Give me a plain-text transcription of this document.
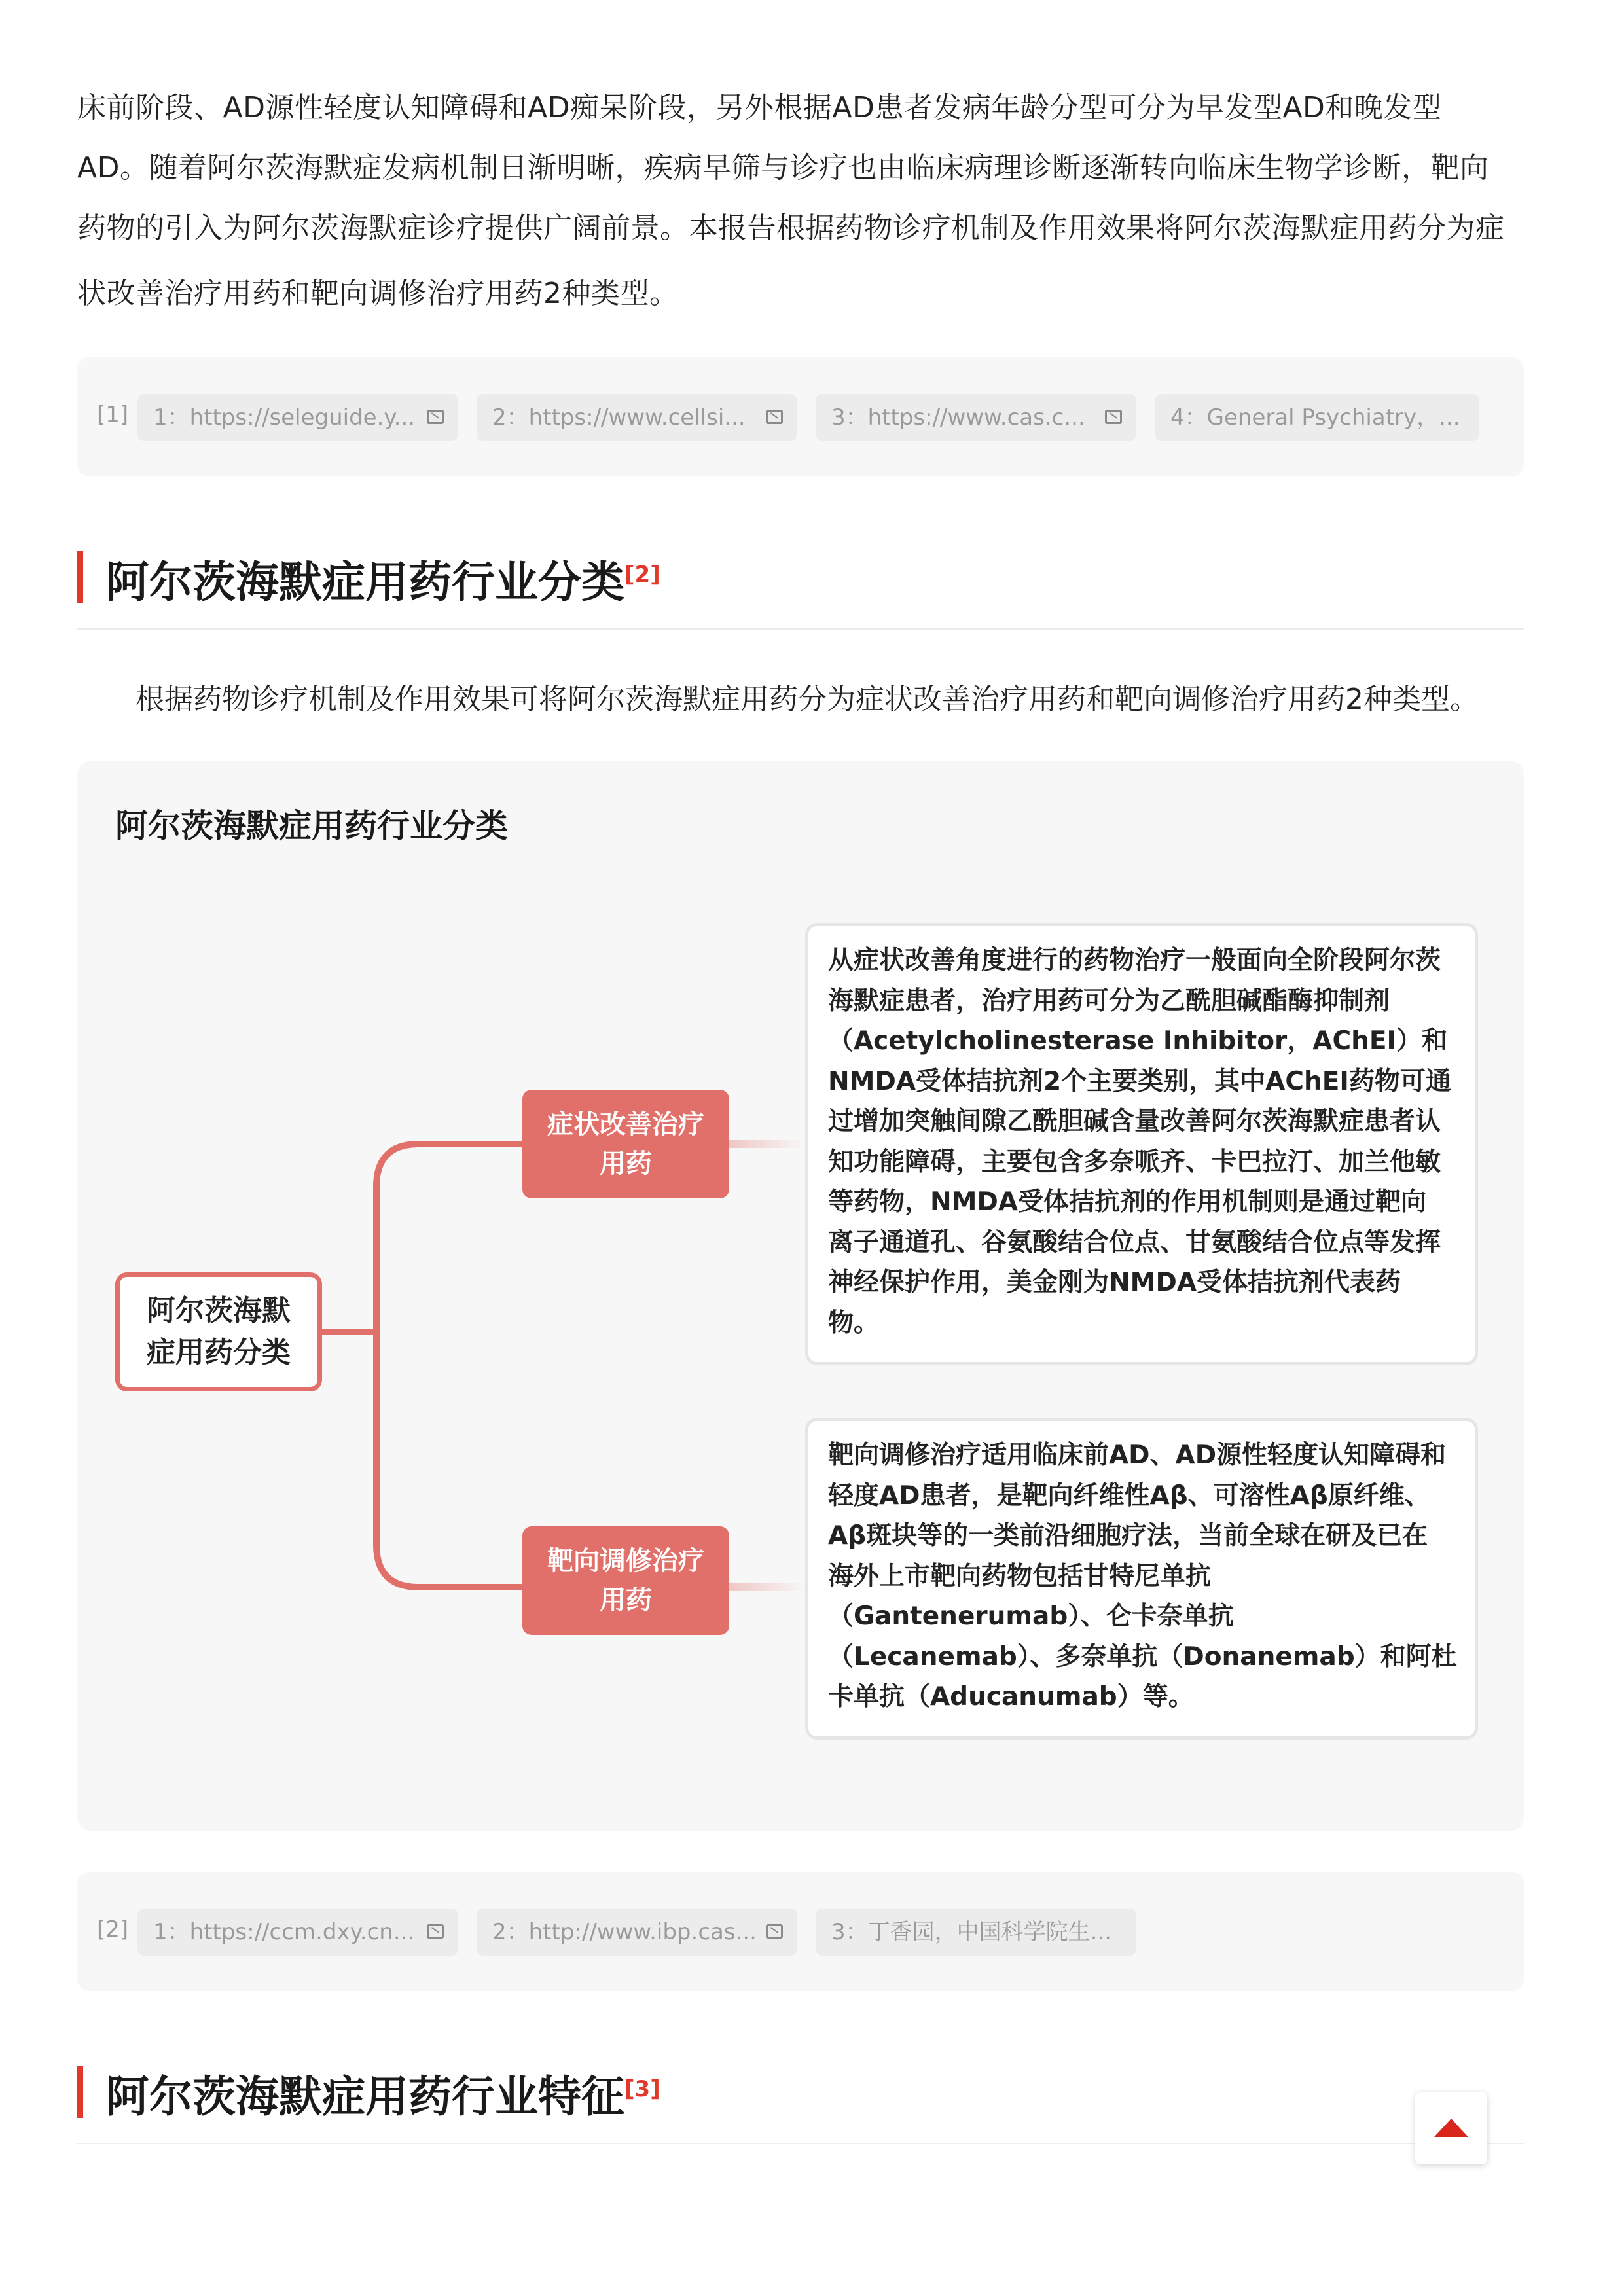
床前阶段、AD源性轻度认知障碍和AD痴呆阶段，另外根据AD患者发病年龄分型可分为早发型AD和晚发型
AD。随着阿尔茨海默症发病机制日渐明晰，疾病早筛与诊疗也由临床病理诊断逐渐转向临床生物学诊断，靶向
药物的引入为阿尔茨海默症诊疗提供广阔前景。本报告根据药物诊疗机制及作用效果将阿尔茨海默症用药分为症
状改善治疗用药和靶向调修治疗用药2种类型。
[1]	1：https://seleguide.y...	2：https://www.cellsi...	3：https://www.cas.c...	4：General Psychiatry，...
阿尔茨海默症用药行业分类[2]
根据药物诊疗机制及作用效果可将阿尔茨海默症用药分为症状改善治疗用药和靶向调修治疗用药2种类型。
阿尔茨海默症用药行业分类
阿尔茨海默
症用药分类
症状改善治疗
用药
靶向调修治疗
用药
从症状改善角度进行的药物治疗一般面向全阶段阿尔茨
海默症患者，治疗用药可分为乙酰胆碱酯酶抑制剂
（Acetylcholinesterase Inhibitor，AChEI）和
NMDA受体拮抗剂2个主要类别，其中AChEI药物可通
过增加突触间隙乙酰胆碱含量改善阿尔茨海默症患者认
知功能障碍，主要包含多奈哌齐、卡巴拉汀、加兰他敏
等药物，NMDA受体拮抗剂的作用机制则是通过靶向
离子通道孔、谷氨酸结合位点、甘氨酸结合位点等发挥
神经保护作用，美金刚为NMDA受体拮抗剂代表药
物。
靶向调修治疗适用临床前AD、AD源性轻度认知障碍和
轻度AD患者，是靶向纤维性Aβ、可溶性Aβ原纤维、
Aβ斑块等的一类前沿细胞疗法，当前全球在研及已在
海外上市靶向药物包括甘特尼单抗
（Gantenerumab）、仑卡奈单抗
（Lecanemab）、多奈单抗（Donanemab）和阿杜
卡单抗（Aducanumab）等。
[2]	1：https://ccm.dxy.cn...	2：http://www.ibp.cas...	3：丁香园，中国科学院生...
阿尔茨海默症用药行业特征[3]
